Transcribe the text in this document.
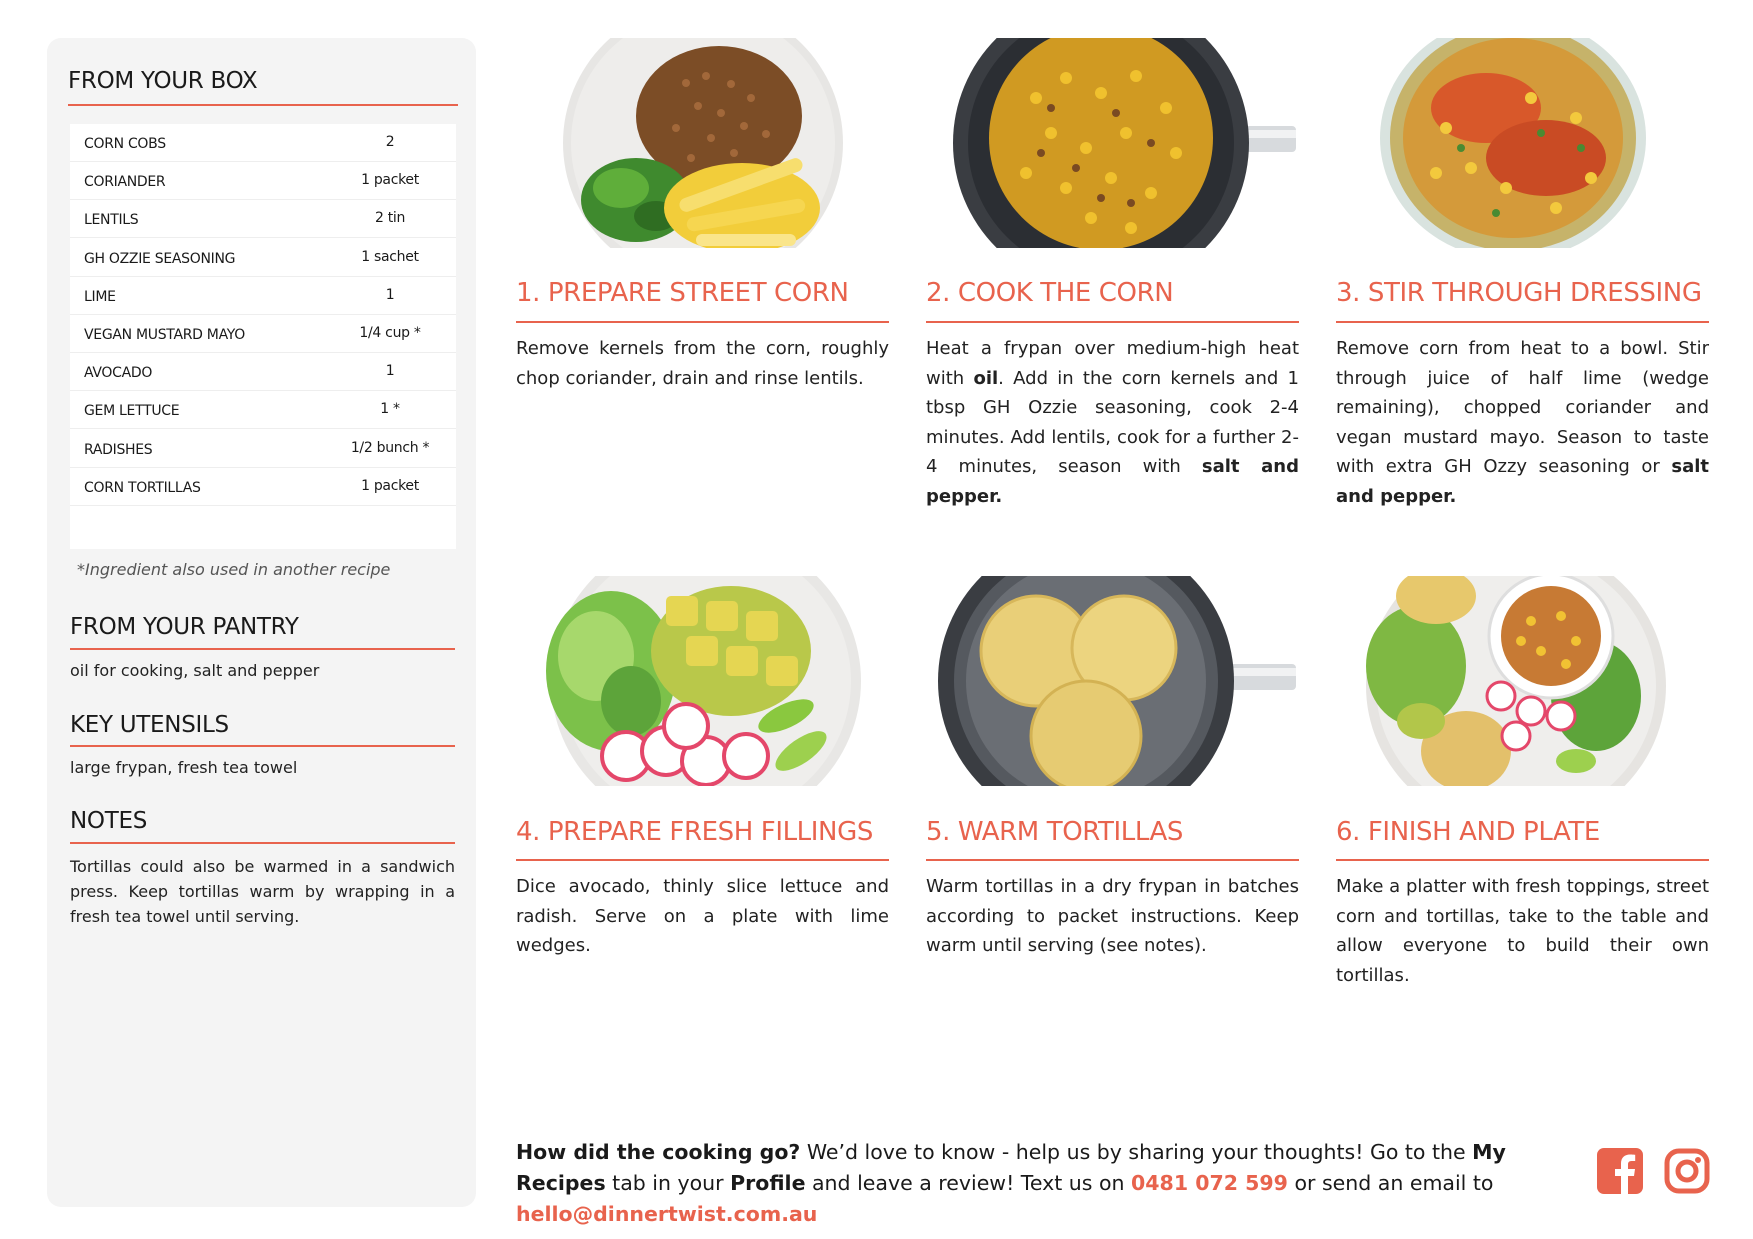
FROM YOUR BOX
CORN COBS	2
CORIANDER	1 packet
LENTILS	2 tin
GH OZZIE SEASONING	1 sachet
LIME	1
VEGAN MUSTARD MAYO	1/4 cup *
AVOCADO	1
GEM LETTUCE	1 *
RADISHES	1/2 bunch *
CORN TORTILLAS	1 packet
*Ingredient also used in another recipe
FROM YOUR PANTRY
oil for cooking, salt and pepper
KEY UTENSILS
large frypan, fresh tea towel
NOTES
Tortillas could also be warmed in a sandwich press. Keep tortillas warm by wrapping in a fresh tea towel until serving.
1. PREPARE STREET CORN
Remove kernels from the corn, roughly chop coriander, drain and rinse lentils.
2. COOK THE CORN
Heat a frypan over medium-high heat with oil. Add in the corn kernels and 1 tbsp GH Ozzie seasoning, cook 2-4 minutes. Add lentils, cook for a further 2-4 minutes, season with salt and pepper.
3. STIR THROUGH DRESSING
Remove corn from heat to a bowl. Stir through juice of half lime (wedge remaining), chopped coriander and vegan mustard mayo. Season to taste with extra GH Ozzy seasoning or salt and pepper.
4. PREPARE FRESH FILLINGS
Dice avocado, thinly slice lettuce and radish. Serve on a plate with lime wedges.
5. WARM TORTILLAS
Warm tortillas in a dry frypan in batches according to packet instructions. Keep warm until serving (see notes).
6. FINISH AND PLATE
Make a platter with fresh toppings, street corn and tortillas, take to the table and allow everyone to build their own tortillas.
How did the cooking go? We’d love to know - help us by sharing your thoughts! Go to the My Recipes tab in your Profile and leave a review! Text us on 0481 072 599 or send an email to hello@dinnertwist.com.au
